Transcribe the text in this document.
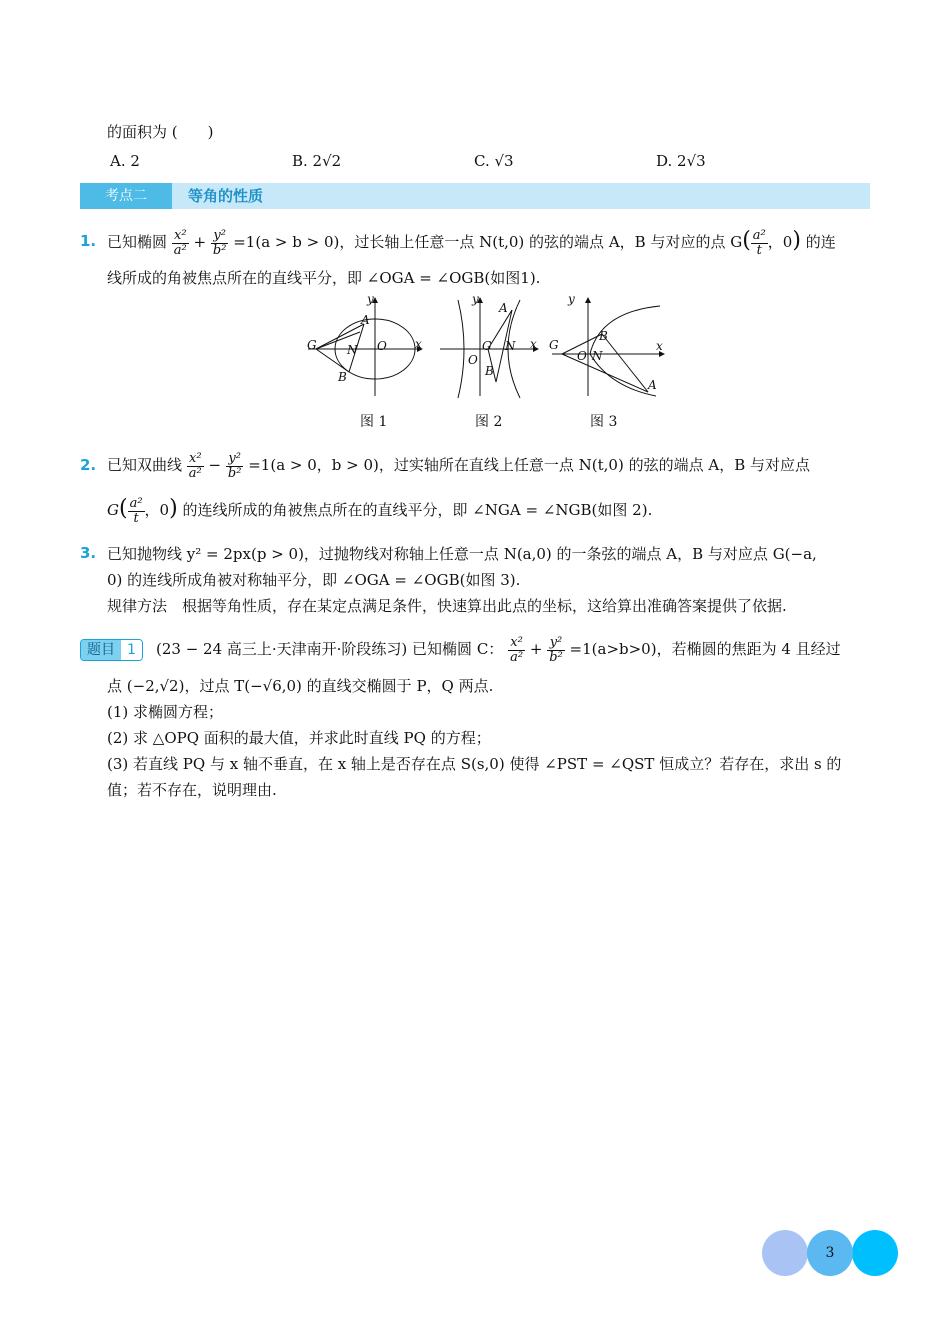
的面积为 (　　)
A. 2	B. 2√2	C. √3	D. 2√3
考点二	等角的性质
1. 已知椭圆 $\frac{\text{x²}}{\text{a²}} + \frac{\text{y²}}{\text{b²}} =1(a > b > 0)$，过长轴上任意一点 N(t,0) 的弦的端点 A，B 与对应的点 $G( \frac{\text{a²}}{t}$ ，0) 的连
线所成的角被焦点所在的直线平分，即 ∠OGA = ∠OGB(如图1).
y
x
G
A
B
N O
y
x
A
B
G N
O
y
x
G
B
N
O
A
图 1	图 2	图 3
2. 已知双曲线 $\frac{\text{x²}}{\text{a²}} - \frac{\text{y²}}{\text{b²}} =1(a > 0$，b > 0)，过实轴所在直线上任意一点 N(t,0) 的弦的端点 A，B 与对应点
$G( \frac{\text{a²}}{t}$ ，0) 的连线所成的角被焦点所在的直线平分，即 ∠NGA = ∠NGB(如图 2).
3. 已知抛物线 y² = 2px(p > 0)，过抛物线对称轴上任意一点 N(a,0) 的一条弦的端点 A，B 与对应点 G(−a,
0) 的连线所成角被对称轴平分，即 ∠OGA = ∠OGB(如图 3).
规律方法　根据等角性质，存在某定点满足条件，快速算出此点的坐标，这给算出准确答案提供了依据.
题目 1	(23 − 24 高三上·天津南开·阶段练习) 已知椭圆 C： $\frac{\text{x²}}{\text{a²}} + \frac{\text{y²}}{\text{b²}} =1(a>b>0)$，若椭圆的焦距为 4 且经过
点 (−2,√2)，过点 T(−√6,0) 的直线交椭圆于 P，Q 两点.
(1) 求椭圆方程；
(2) 求 △OPQ 面积的最大值，并求此时直线 PQ 的方程；
(3) 若直线 PQ 与 x 轴不垂直，在 x 轴上是否存在点 S(s,0) 使得 ∠PST = ∠QST 恒成立？若存在，求出 s 的
值；若不存在，说明理由.
3
